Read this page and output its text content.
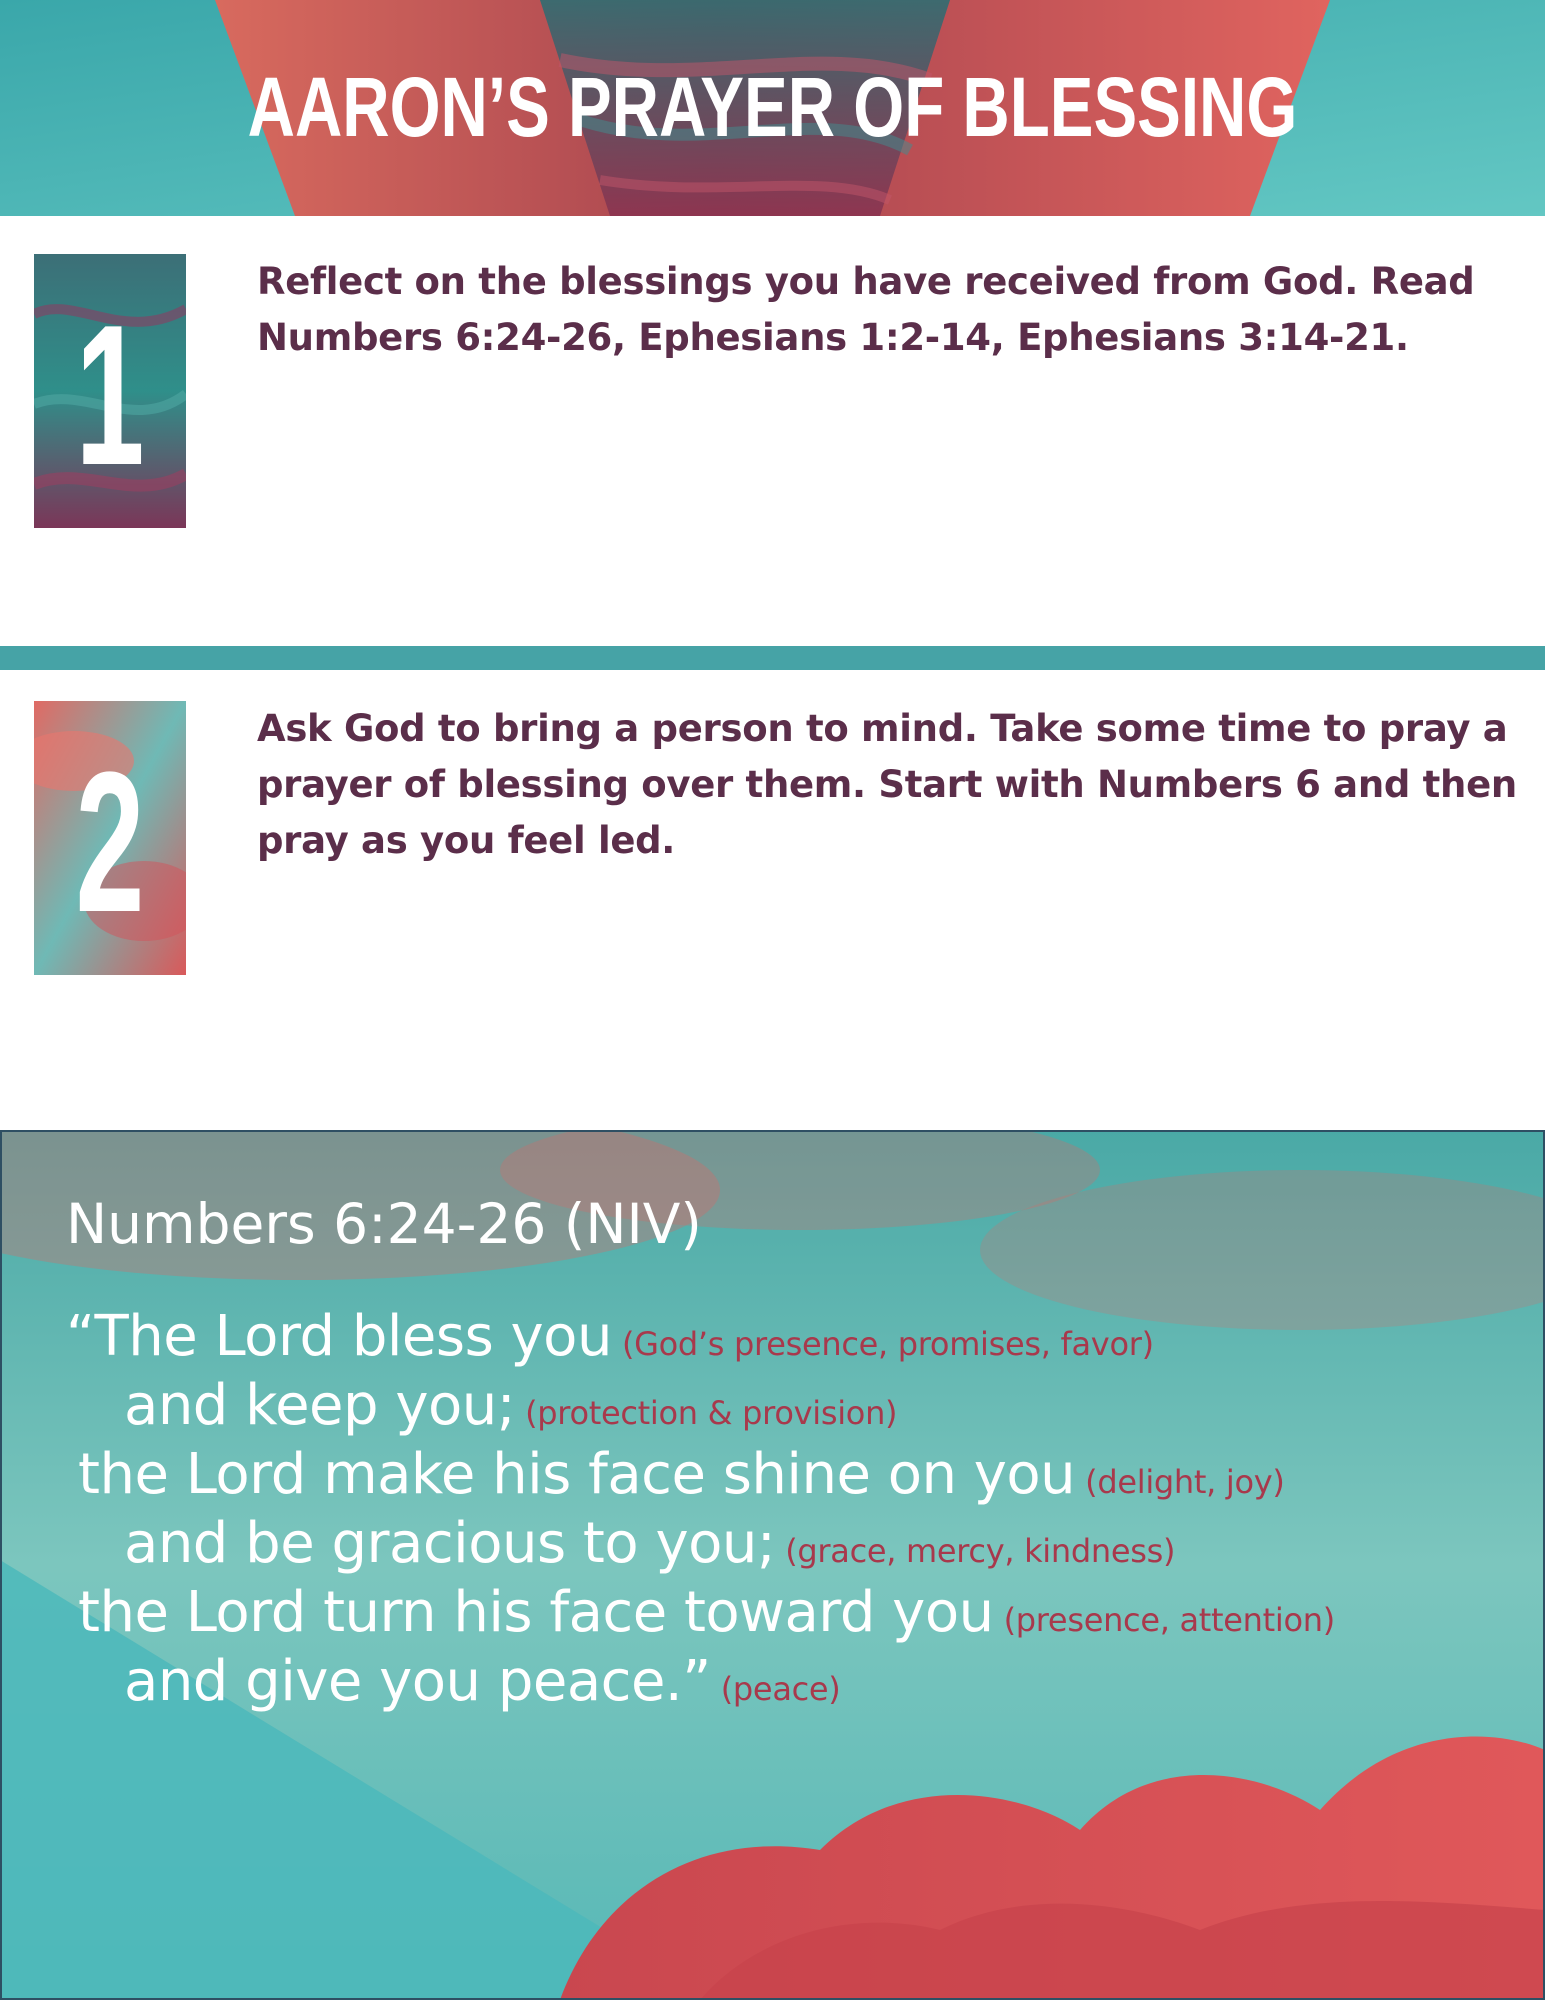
AARON’S PRAYER OF BLESSING
1
Reflect on the blessings you have received from God. Read Numbers 6:24-26, Ephesians 1:2-14, Ephesians 3:14-21.
2
Ask God to bring a person to mind. Take some time to pray a prayer of blessing over them. Start with Numbers 6 and then pray as you feel led.
Numbers 6:24-26 (NIV)
“The Lord bless you (God’s presence, promises, favor)
and keep you; (protection & provision)
the Lord make his face shine on you (delight, joy)
and be gracious to you; (grace, mercy, kindness)
the Lord turn his face toward you (presence, attention)
and give you peace.” (peace)
